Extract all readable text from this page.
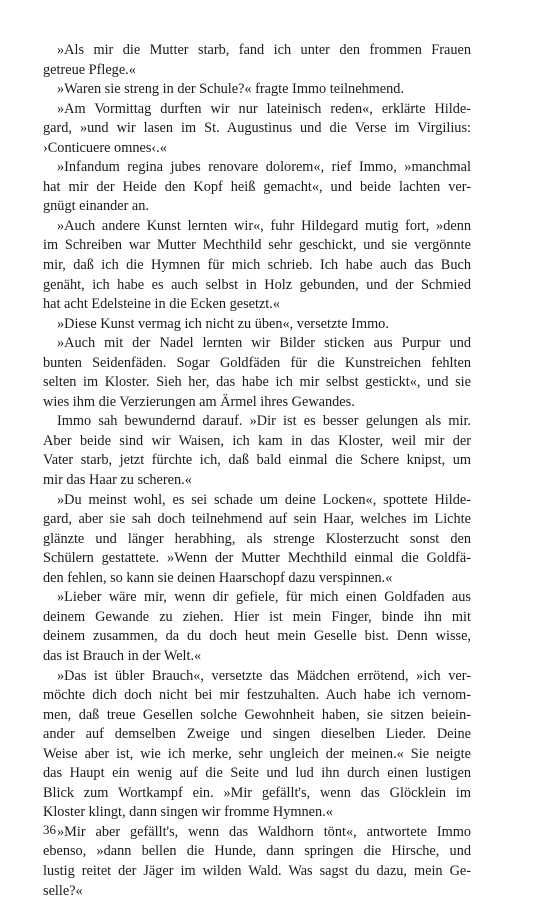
»Als mir die Mutter starb, fand ich unter den frommen Frauen
getreue Pflege.«
»Waren sie streng in der Schule?« fragte Immo teilnehmend.
»Am Vormittag durften wir nur lateinisch reden«, erklärte Hilde-
gard, »und wir lasen im St. Augustinus und die Verse im Virgilius:
›Conticuere omnes‹.«
»Infandum regina jubes renovare dolorem«, rief Immo, »manchmal
hat mir der Heide den Kopf heiß gemacht«, und beide lachten ver-
gnügt einander an.
»Auch andere Kunst lernten wir«, fuhr Hildegard mutig fort, »denn
im Schreiben war Mutter Mechthild sehr geschickt, und sie vergönnte
mir, daß ich die Hymnen für mich schrieb. Ich habe auch das Buch
genäht, ich habe es auch selbst in Holz gebunden, und der Schmied
hat acht Edelsteine in die Ecken gesetzt.«
»Diese Kunst vermag ich nicht zu üben«, versetzte Immo.
»Auch mit der Nadel lernten wir Bilder sticken aus Purpur und
bunten Seidenfäden. Sogar Goldfäden für die Kunstreichen fehlten
selten im Kloster. Sieh her, das habe ich mir selbst gestickt«, und sie
wies ihm die Verzierungen am Ärmel ihres Gewandes.
Immo sah bewundernd darauf. »Dir ist es besser gelungen als mir.
Aber beide sind wir Waisen, ich kam in das Kloster, weil mir der
Vater starb, jetzt fürchte ich, daß bald einmal die Schere knipst, um
mir das Haar zu scheren.«
»Du meinst wohl, es sei schade um deine Locken«, spottete Hilde-
gard, aber sie sah doch teilnehmend auf sein Haar, welches im Lichte
glänzte und länger herabhing, als strenge Klosterzucht sonst den
Schülern gestattete. »Wenn der Mutter Mechthild einmal die Goldfä-
den fehlen, so kann sie deinen Haarschopf dazu verspinnen.«
»Lieber wäre mir, wenn dir gefiele, für mich einen Goldfaden aus
deinem Gewande zu ziehen. Hier ist mein Finger, binde ihn mit
deinem zusammen, da du doch heut mein Geselle bist. Denn wisse,
das ist Brauch in der Welt.«
»Das ist übler Brauch«, versetzte das Mädchen errötend, »ich ver-
möchte dich doch nicht bei mir festzuhalten. Auch habe ich vernom-
men, daß treue Gesellen solche Gewohnheit haben, sie sitzen beiein-
ander auf demselben Zweige und singen dieselben Lieder. Deine
Weise aber ist, wie ich merke, sehr ungleich der meinen.« Sie neigte
das Haupt ein wenig auf die Seite und lud ihn durch einen lustigen
Blick zum Wortkampf ein. »Mir gefällt's, wenn das Glöcklein im
Kloster klingt, dann singen wir fromme Hymnen.«
»Mir aber gefällt's, wenn das Waldhorn tönt«, antwortete Immo
ebenso, »dann bellen die Hunde, dann springen die Hirsche, und
lustig reitet der Jäger im wilden Wald. Was sagst du dazu, mein Ge-
selle?«
36
